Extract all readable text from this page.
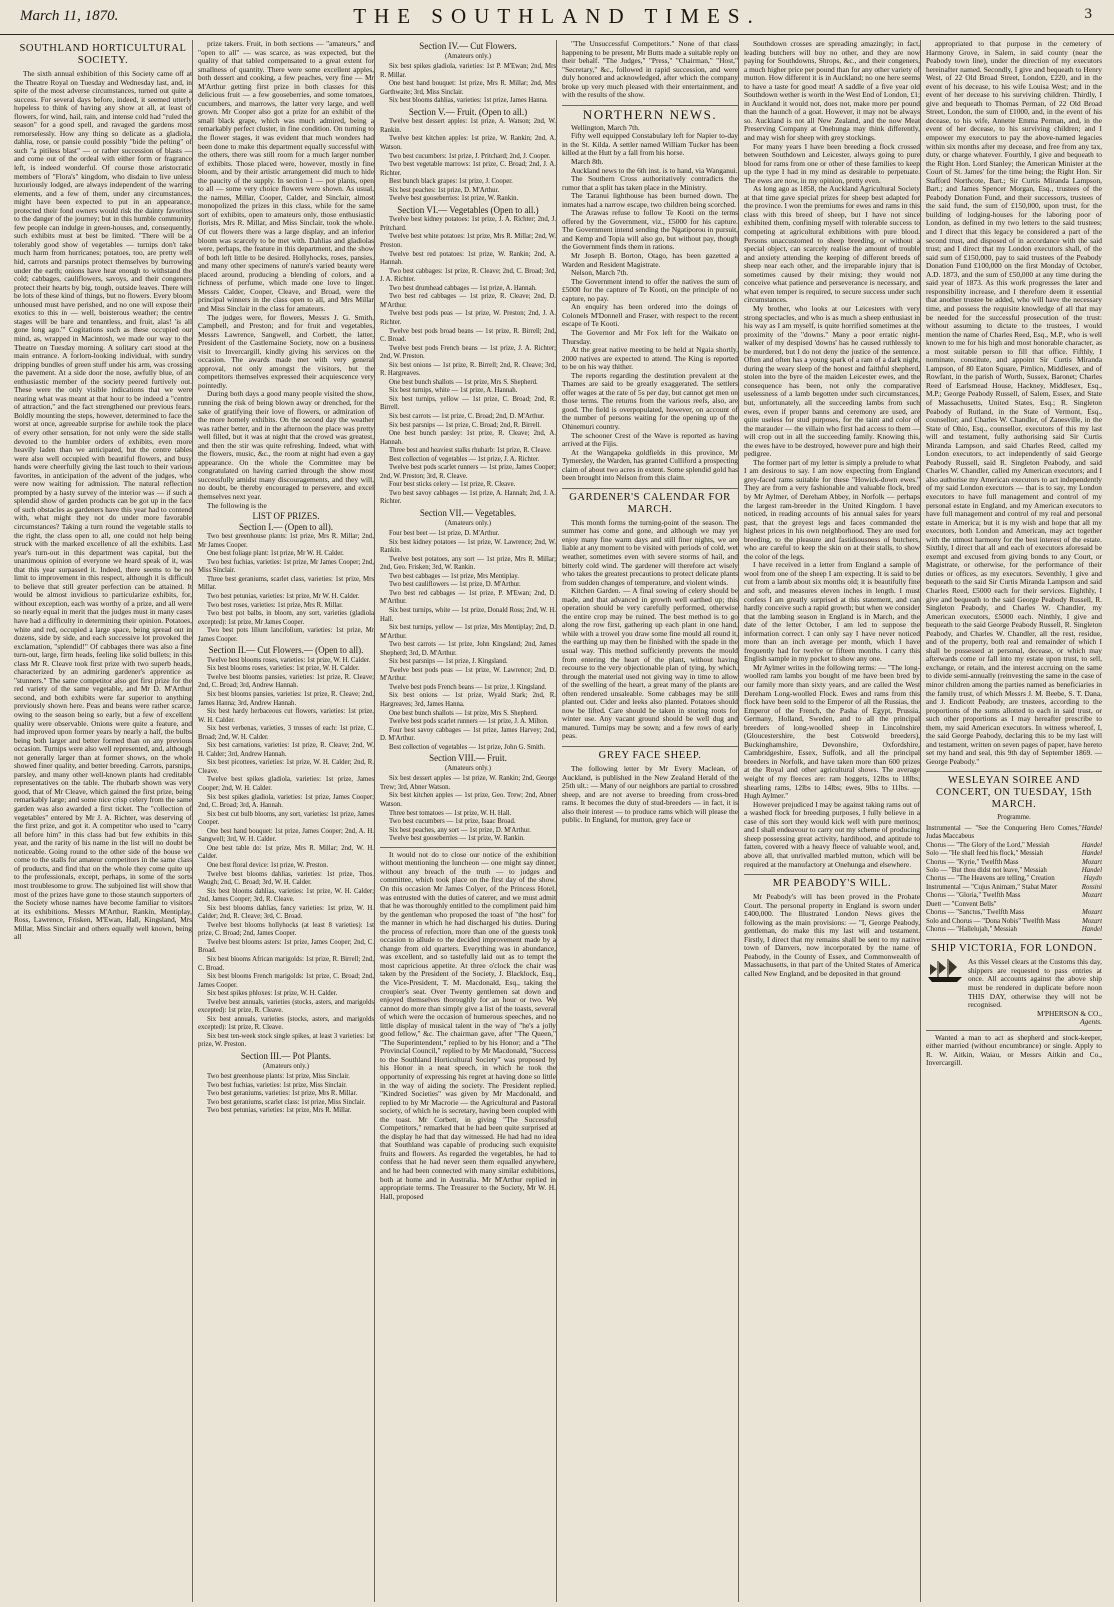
March 11, 1870.	THE SOUTHLAND TIMES.	3
SOUTHLAND HORTICULTURAL SOCIETY.

The sixth annual exhibition of this Society came off at the Theatre Royal on Tuesday and Wednesday last, and, in spite of the most adverse circumstances, turned out quite a success. For several days before, indeed, it seemed utterly hopeless to think of having any show at all, at least of flowers, for wind, hail, rain, and intense cold had "ruled the season" for a good spell, and ravaged the gardens most remorselessly. How any thing so delicate as a gladiola, dahlia, rose, or pansie could possibly "bide the pelting" of such "a pitiless blast" — or rather succession of blasts — and come out of the ordeal with either form or fragrance left, is indeed wonderful. Of course those aristocratic members of "Flora's" kingdom, who disdain to live unless luxuriously lodged, are always independent of the warring elements, and a few of them, under any circumstances, might have been expected to put in an appearance, protected their fond owners would risk the dainty favorites to the danger of the journey; but in this humble community few people can indulge in green-houses, and, consequently, such exhibits must at best be limited. "There will be a tolerably good show of vegetables — turnips don't take much harm from hurricanes; potatoes, too, are pretty well hid, carrots and parsnips protect themselves by burrowing under the earth; onions have heat enough to withstand the cold; cabbages, cauliflowers, savoys, and their congeners protect their hearts by big, tough, outside leaves. There will be lots of these kind of things, but no flowers. Every bloom unhoused must have perished, and no one will expose their exotics to this in — well, boisterous weather; the centre stages will be bare and tenantless, and fruit, alas! 'is all gone long ago.'" Cogitations such as these occupied our mind, as, wrapped in Macintosh, we made our way to the Theatre on Tuesday morning. A solitary cart stood at the main entrance. A forlorn-looking individual, with sundry dripping bundles of green stuff under his arm, was crossing the pavement. At a side door the nose, awfully blue, of an enthusiastic member of the society peered furtively out. These were the only visible indications that we were nearing what was meant at that hour to be indeed a "centre of attraction," and the fact strengthened our previous fears. Boldly mounting the steps, however, determined to face the worst at once, agreeable surprise for awhile took the place of every other sensation, for not only were the side stalls devoted to the humbler orders of exhibits, even more heavily laden than we anticipated, but the centre tables were also well occupied with beautiful flowers, and busy hands were cheerfully giving the last touch to their various favorites, in anticipation of the advent of the judges, who were now waiting for admission. The natural reflection prompted by a hasty survey of the interior was — if such a splendid show of garden products can be got up in the face of such obstacles as gardeners have this year had to contend with, what might they not do under more favorable circumstances? Taking a turn round the vegetable stalls to the right, the class open to all, one could not help being struck with the marked excellence of all the exhibits. Last year's turn-out in this department was capital, but the unanimous opinion of everyone we heard speak of it, was that this year surpassed it. Indeed, there seems to be no limit to improvement in this respect, although it is difficult to believe that still greater perfection can be attained. It would be almost invidious to particularize exhibits, for, without exception, each was worthy of a prize, and all were so nearly equal in merit that the judges must in many cases have had a difficulty in determining their opinion. Potatoes, white and red, occupied a large space, being spread out in dozens, side by side, and each successive lot provoked the exclamation, "splendid!" Of cabbages there was also a fine turn-out, large, firm heads, feeling like solid bullets; in this class Mr R. Cleave took first prize with two superb heads, characterized by an admiring gardener's apprentice as "stunners." The same competitor also got first prize for the red variety of the same vegetable, and Mr D. M'Arthur second, and both exhibits were far superior to anything previously shown here. Peas and beans were rather scarce, owing to the season being so early, but a few of excellent quality were observable. Onions were quite a feature, and had improved upon former years by nearly a half, the bulbs being both larger and better formed than on any previous occasion. Turnips were also well represented, and, although not generally larger than at former shows, on the whole showed finer quality, and better breeding. Carrots, parsnips, parsley, and many other well-known plants had creditable representatives on the table. The rhubarb shown was very good, that of Mr Cleave, which gained the first prize, being remarkably large; and some nice crisp celery from the same garden was also awarded a first ticket. The "collection of vegetables" entered by Mr J. A. Richter, was deserving of the first prize, and got it. A competitor who used to "carry all before him" in this class had but few exhibits in this year, and the rarity of his name in the list will no doubt be noticeable. Going round to the other side of the house we come to the stalls for amateur competitors in the same class of products, and find that on the whole they come quite up to the professionals, except, perhaps, in some of the sorts most troublesome to grow. The subjoined list will show that most of the prizes have gone to those staunch supporters of the Society whose names have become familiar to visitors at its exhibitions. Messrs M'Arthur, Rankin, Mentiplay, Ross, Lawrence, Frisken, M'Ewan, Hall, Kingsland, Mrs Millar, Miss Sinclair and others equally well known, being all

prize takers. Fruit, in both sections — "amateurs," and "open to all" — was scarce, as was expected, but the quality of that tabled compensated to a great extent for smallness of quantity. There were some excellent apples, both dessert and cooking, a few peaches, very fine — Mr M'Arthur getting first prize in both classes for this delicious fruit — a few gooseberries, and some tomatoes, cucumbers, and marrows, the latter very large, and well grown. Mr Cooper also got a prize for an exhibit of the small black grape, which was much admired, being a remarkably perfect cluster, in fine condition. On turning to the flower stages, it was evident that much wonders had been done to make this department equally successful with the others, there was still room for a much larger number of exhibits. Those placed were, however, mostly in fine bloom, and by their artistic arrangement did much to hide the paucity of the supply. In section 1 — pot plants, open to all — some very choice flowers were shown. As usual, the names, Millar, Cooper, Calder, and Sinclair, almost monopolized the prizes in this class, while for the same sort of exhibits, open to amateurs only, those enthusiastic florists, Mrs R. Millar, and Miss Sinclair, took the whole. Of cut flowers there was a large display, and an inferior bloom was scarcely to be met with. Dahlias and gladiolas were, perhaps, the feature in this department, and the show of both left little to be desired. Hollyhocks, roses, pansies, and many other specimens of nature's varied beauty were placed around, producing a blending of colors, and a richness of perfume, which made one love to linger. Messrs Calder, Cooper, Cleave, and Broad, were the principal winners in the class open to all, and Mrs Millar and Miss Sinclair in the class for amateurs.

The judges were, for flowers, Messrs J. G. Smith, Campbell, and Preston; and for fruit and vegetables, Messrs Lawrence, Sangwell, and Corbett, the latter, President of the Castlemaine Society, now on a business visit to Invercargill, kindly giving his services on the occasion. The awards made met with very general approval, not only amongst the visitors, but the competitors themselves expressed their acquiescence very pointedly.

During both days a good many people visited the show, running the risk of being blown away or drenched, for the sake of gratifying their love of flowers, or admiration of the more homely exhibits. On the second day the weather was rather better, and in the afternoon the place was pretty well filled, but it was at night that the crowd was greatest, and then the stir was quite refreshing. Indeed, what with the flowers, music, &c., the room at night had even a gay appearance. On the whole the Committee may be congratulated on having carried through the show most successfully amidst many discouragements, and they will, no doubt, be thereby encouraged to persevere, and excel themselves next year.

The following is the

LIST OF PRIZES.
Section I.— (Open to all).

Two best greenhouse plants: 1st prize, Mrs R. Millar; 2nd, Mr James Cooper.

One best foliage plant: 1st prize, Mr W. H. Calder.

Two best fuchias, varieties: 1st prize, Mr James Cooper; 2nd, Miss Sinclair.

Three best geraniums, scarlet class, varieties: 1st prize, Mrs Millar.

Two best petunias, varieties: 1st prize, Mr W. H. Calder.

Two best roses, varieties: 1st prize, Mrs R. Millar.

Two best pot balbs, in bloom, any sort, varieties (gladiola excepted): 1st prize, Mr James Cooper.

Two best pots lilium lancifolium, varieties: 1st prize, Mr James Cooper.

Section II.— Cut Flowers.— (Open to all).

Twelve best blooms roses, varieties: 1st prize, W. H. Calder.

Six best blooms roses, varieties: 1st prize, W. H. Calder.

Twelve best blooms pansies, varieties: 1st prize, R. Cleave; 2nd, C. Broad; 3rd, Andrew Hannah.

Six best blooms pansies, varieties: 1st prize, R. Cleave; 2nd, James Hanna; 3rd, Andrew Hannah.

Six best hardy herbaceous cut flowers, varieties: 1st prize, W. H. Calder.

Six best verbenas, varieties, 3 trusses of each: 1st prize, C. Broad; 2nd, W. H. Calder.

Six best carnations, varieties: 1st prize, R. Cleave; 2nd, W. H. Calder; 3rd, Andrew Hannah.

Six best picottees, varieties: 1st prize, W. H. Calder; 2nd, R. Cleave.

Twelve best spikes gladiola, varieties: 1st prize, James Cooper; 2nd, W. H. Calder.

Six best spikes gladiola, varieties: 1st prize, James Cooper; 2nd, C. Broad; 3rd, A. Hannah.

Six best cut bulb blooms, any sort, varieties: 1st prize, James Cooper.

One best hand bouquet: 1st prize, James Cooper; 2nd, A. H. Sangwell; 3rd, W. H. Calder.

One best table do: 1st prize, Mrs R. Millar; 2nd, W. H. Calder.

One best floral device: 1st prize, W. Preston.

Twelve best blooms dahlias, varieties: 1st prize, Thos. Waugh; 2nd, C. Broad; 3rd, W. H. Calder.

Six best blooms dahlias, varieties: 1st prize, W. H. Calder; 2nd, James Cooper; 3rd, R. Cleave.

Six best blooms dahlias, fancy varieties: 1st prize, W. H. Calder; 2nd, R. Cleave; 3rd, C. Broad.

Twelve best blooms hollyhocks (at least 8 varieties): 1st prize, C. Broad; 2nd, James Cooper.

Twelve best blooms asters: 1st prize, James Cooper; 2nd, C. Broad.

Six best blooms African marigolds: 1st prize, R. Birrell; 2nd, C. Broad.

Six best blooms French marigolds: 1st prize, C. Broad; 2nd, James Cooper.

Six best spikes phloxes: 1st prize, W. H. Calder.

Twelve best annuals, varieties (stocks, asters, and marigolds excepted): 1st prize, R. Cleave.

Six best annuals, varieties (stocks, asters, and marigolds excepted): 1st prize, R. Cleave.

Six best ten-week stock single spikes, at least 3 varieties: 1st prize, W. Preston.

Section III.— Pot Plants.
(Amateurs only.)

Two best greenhouse plants: 1st prize, Miss Sinclair.

Two best fuchias, varieties: 1st prize, Miss Sinclair.

Two best geraniums, varieties: 1st prize, Mrs R. Millar.

Two best geraniums, scarlet class: 1st prize, Miss Sinclair.

Two best petunias, varieties: 1st prize, Mrs R. Millar.

Section IV.— Cut Flowers.
(Amateurs only.)

Six best spikes gladiola, varieties: 1st P. M'Ewan; 2nd, Mrs R. Millar.

One best hand bouquet: 1st prize, Mrs R. Millar; 2nd, Mrs Garthwaite; 3rd, Miss Sinclair.

Six best blooms dahlias, varieties: 1st prize, James Hanna.

Section V.— Fruit. (Open to all.)

Twelve best dessert apples: 1st prize, A. Watson; 2nd, W. Rankin.

Twelve best kitchen apples: 1st prize, W. Rankin; 2nd, A. Watson.

Two best cucumbers: 1st prize, J. Pritchard; 2nd, J. Cooper.

Two best vegetable marrows: 1st prize, C. Broad; 2nd, J. A. Richter.

Best bunch black grapes: 1st prize, J. Cooper.

Six best peaches: 1st prize, D. M'Arthur.

Twelve best gooseberries: 1st prize, W. Rankin.

Section VI.— Vegetables (Open to all.)

Twelve best kidney potatoes: 1st prize, J. A. Richter; 2nd, J. Pritchard.

Twelve best white potatoes: 1st prize, Mrs R. Millar; 2nd, W. Preston.

Twelve best red potatoes: 1st prize, W. Rankin; 2nd, A. Hannah.

Two best cabbages: 1st prize, R. Cleave; 2nd, C. Broad; 3rd, J. A. Richter.

Two best drumhead cabbages — 1st prize, A. Hannah.

Two best red cabbages — 1st prize, R. Cleave; 2nd, D. M'Arthur.

Twelve best pods peas — 1st prize, W. Preston; 2nd, J. A. Richter.

Twelve best pods broad beans — 1st prize, R. Birrell; 2nd, C. Broad.

Twelve best pods French beans — 1st prize, J. A. Richter; 2nd, W. Preston.

Six best onions — 1st prize, R. Birrell; 2nd, R. Cleave; 3rd, R. Hargreaves.

One best bunch shallots — 1st prize, Mrs S. Shepherd.

Six best turnips, white — 1st prize, A. Hannah.

Six best turnips, yellow — 1st prize, C. Broad; 2nd, R. Birrell.

Six best carrots — 1st prize, C. Broad; 2nd, D. M'Arthur.

Six best parsnips — 1st prize, C. Broad; 2nd, R. Birrell.

One best bunch parsley: 1st prize, R. Cleave; 2nd, A. Hannah.

Three best and heaviest stalks rhubarb: 1st prize, R. Cleave.

Best collection of vegetables — 1st prize, J. A. Richter.

Twelve best pods scarlet runners — 1st prize, James Cooper; 2nd, W. Preston; 3rd, R. Cleave.

Four best sticks celery — 1st prize, R. Cleave.

Two best savoy cabbages — 1st prize, A. Hannah; 2nd, J. A. Richter.

Section VII.— Vegetables.
(Amateurs only.)

Four best beet — 1st prize, D. M'Arthur.

Six best kidney potatoes — 1st prize, W. Lawrence; 2nd, W. Rankin.

Twelve best potatoes, any sort — 1st prize, Mrs R. Millar; 2nd, Geo. Frisken; 3rd, W. Rankin.

Two best cabbages — 1st prize, Mrs Mentiplay.

Two best cauliflowers — 1st prize, D. M'Arthur.

Two best red cabbages — 1st prize, P. M'Ewan; 2nd, D. M'Arthur.

Six best turnips, white — 1st prize, Donald Ross; 2nd, W. H. Hall.

Six best turnips, yellow — 1st prize, Mrs Mentiplay; 2nd, D. M'Arthur.

Two best carrots — 1st prize, John Kingsland; 2nd, James Shepherd; 3rd, D. M'Arthur.

Six best parsnips — 1st prize, J. Kingsland.

Twelve best pods peas — 1st prize, W. Lawrence; 2nd, D. M'Arthur.

Twelve best pods French beans — 1st prize, J. Kingsland.

Six best onions — 1st prize, Wyald Stark; 2nd, R. Hargreaves; 3rd, James Hanna.

One best bunch shallots — 1st prize, Mrs S. Shepherd.

Twelve best pods scarlet runners — 1st prize, J. A. Milton.

Four best savoy cabbages — 1st prize, James Harvey; 2nd, D. M'Arthur.

Best collection of vegetables — 1st prize, John G. Smith.

Section VIII.— Fruit.
(Amateurs only.)

Six best dessert apples — 1st prize, W. Rankin; 2nd, George Trew; 3rd, Abner Watson.

Six best kitchen apples — 1st prize, Geo. Trew; 2nd, Abner Watson.

Three best tomatoes — 1st prize, W. H. Hall.

Two best cucumbers — 1st prize, Isaac Broad.

Six best peaches, any sort — 1st prize, D. M'Arthur.

Twelve best gooseberries — 1st prize, W. Rankin.

It would not do to close our notice of the exhibition without mentioning the luncheon — one might say dinner, without any breach of the truth — to judges and committee, which took place on the first day of the show. On this occasion Mr James Colyer, of the Princess Hotel, was entrusted with the duties of caterer, and we must admit that he was thoroughly entitled to the compliment paid him by the gentleman who proposed the toast of "the host" for the manner in which he had discharged his duties. During the process of refection, more than one of the guests took occasion to allude to the decided improvement made by a change from old quarters. Everything was in abundance, was excellent, and so tastefully laid out as to tempt the most capricious appetite. At three o'clock the chair was taken by the President of the Society, J. Blacklock, Esq., the Vice-President, T. M. Macdonald, Esq., taking the croupier's seat. Over Twenty gentlemen sat down and enjoyed themselves thoroughly for an hour or two. We cannot do more than simply give a list of the toasts, several of which were the occasion of humerous speeches, and no little display of musical talent in the way of "he's a jolly good fellow," &c. The chairman gave, after "The Queen," "The Superintendent," replied to by his Honor; and a "The Provincial Council," replied to by Mr Macdonald, "Success to the Southland Horticultural Society" was proposed by his Honor in a neat speech, in which he took the opportunity of expressing his regret at having done so little in the way of aiding the society. The President replied. "Kindred Societies" was given by Mr Macdonald, and replied to by Mr Macrorie — the Agricultural and Pastoral society, of which he is secretary, having been coupled with the toast. Mr Corbett, in giving "The Successful Competitors," remarked that he had been quite surprised at the display he had that day witnessed. He had had no idea that Southland was capable of producing such exquisite fruits and flowers. As regarded the vegetables, he had to confess that he had never seen them equalled anywhere, and he had been connected with many similar exhibitions, both at home and in Australia. Mr M'Arthur replied in appropriate terms. The Treasurer to the Society, Mr W. H. Hall, proposed

"The Unsuccessful Competitors." None of that class happening to be present, Mr Butts made a suitable reply on their behalf. "The Judges," "Press," "Chairman," "Host," "Secretary," &c., followed in rapid succession, and were duly honored and acknowledged, after which the company broke up very much pleased with their entertainment, and with the results of the show.

NORTHERN NEWS.

Wellington, March 7th.

Fifty well equipped Constabulary left for Napier to-day in the St. Kilda. A settler named William Tucker has been killed at the Hutt by a fall from his horse.

March 8th.

Auckland news to the 6th inst. is to hand, via Wanganui.

The Southern Cross authoritatively contradicts the rumor that a split has taken place in the Ministry.

The Taranui lighthouse has been burned down. The inmates had a narrow escape, two children being scorched.

The Arawas refuse to follow Te Kooti on the terms offered by the Government, viz., £5000 for his capture. The Government intend sending the Ngatiporou in pursuit, and Kemp and Topia will also go, but without pay, though the Government finds them in rations.

Mr Joseph B. Borton, Otago, has been gazetted a Warden and Resident Magistrate.

Nelson, March 7th.

The Government intend to offer the natives the sum of £5000 for the capture of Te Kooti, on the principle of no capture, no pay.

An enquiry has been ordered into the doings of Colonels M'Donnell and Fraser, with respect to the recent escape of Te Kooti.

The Governor and Mr Fox left for the Waikato on Thursday.

At the great native meeting to be held at Ngaia shortly, 2000 natives are expected to attend. The King is reported to be on his way thither.

The reports regarding the destitution prevalent at the Thames are said to be greatly exaggerated. The settlers offer wages at the rate of 5s per day, but cannot get men on those terms. The returns from the various reefs, also, are good. The field is overpopulated, however, on account of the number of persons waiting for the opening up of the Ohinemuri country.

The schooner Crest of the Wave is reported as having arrived at the Fijis.

At the Wangapeka goldfields in this province, Mr Tymersley, the Warden, has granted Culliford a prospecting claim of about two acres in extent. Some splendid gold has been brought into Nelson from this claim.

GARDENER'S CALENDAR FOR MARCH.

This month forms the turning-point of the season. The summer has come and gone, and although we may yet enjoy many fine warm days and still finer nights, we are liable at any moment to be visited with periods of cold, wet weather, sometimes even with severe storms of hail, and bitterly cold wind. The gardener will therefore act wisely who takes the greatest precautions to protect delicate plants from sudden changes of temperature, and violent winds.

Kitchen Garden. — A final sowing of celery should be made, and that advanced in growth well earthed up; this operation should be very carefully performed, otherwise the entire crop may be ruined. The best method is to go along the row first, gathering up each plant in one hand, while with a trowel you draw some fine mould all round it, the earthing up may then be finished with the spade in the usual way. This method sufficiently prevents the mould from entering the heart of the plant, without having recourse to the very objectionable plan of tying, by which, through the material used not giving way in time to allow of the swelling of the heart, a great many of the plants are often rendered unsaleable. Some cabbages may be still planted out. Cider and leeks also planted. Potatoes should now be lifted. Care should be taken in storing roots for winter use. Any vacant ground should be well dug and manured. Turnips may be sown; and a few rows of early peas.

GREY FACE SHEEP.

The following letter by Mr Every Maclean, of Auckland, is published in the New Zealand Herald of the 25th ult.: — Many of our neighbors are partial to crossbred sheep, and are not averse to breeding from cross-bred rams. It becomes the duty of stud-breeders — in fact, it is also their interest — to produce rams which will please the public. In England, for mutton, grey face or

Southdown crosses are spreading amazingly; in fact, leading butchers will buy no other, and they are now paying for Southdowns, Shrops, &c., and their congeners, a much higher price per pound than for any other variety of mutton. How different it is in Auckland; no one here seems to have a taste for good meat! A saddle of a five year old Southdown wether is worth in the West End of London, £1; in Auckland it would not, does not, make more per pound than the haunch of a goat. However, it may not be always so. Auckland is not all New Zealand, and the now Meat Preserving Company at Onehunga may think differently, and may wish for sheep with grey stockings.

For many years I have been breeding a flock crossed between Southdown and Leicester, always going to pure blood for rams from one or other of these families to keep up the type I had in my mind as desirable to perpetuate. The ewes are now, in my opinion, pretty even.

As long ago as 1858, the Auckland Agricultural Society at that time gave special prizes for sheep best adapted for the province. I won the premiums for ewes and rams in this class with this breed of sheep, but I have not since exhibited them, confining myself with tolerable success to competing at agricultural exhibitions with pure blood. Persons unaccustomed to sheep breeding, or without a special object, can scarcely realise the amount of trouble and anxiety attending the keeping of different breeds of sheep near each other, and the irreparable injury that is sometimes caused by their mixing; they would not conceive what patience and perseverance is necessary, and what even temper is required, to secure success under such circumstances.

My brother, who looks at our Leicesters with very strong spectacles, and who is as much a sheep enthusiast in his way as I am myself, is quite horrified sometimes at the proximity of the "downs." Many a poor erratic night-walker of my despised 'downs' has he caused ruthlessly to be murdered, but I do not deny the justice of the sentence. Often and often has a young spark of a ram of a dark night, during the weary sleep of the honest and faithful shepherd, stolen into the byre of the maiden Leicester ewes, and the consequence has been, not only the comparative uselessness of a lamb begotten under such circumstances, but, unfortunately, all the succeeding lambs from such ewes, even if proper banns and ceremony are used, are quite useless for stud purposes, for the taint and color of the marauder — the villain who first had access to them — will crop out in all the succeeding family. Knowing this, the ewes have to be destroyed, however pure and high their pedigree.

The former part of my letter is simply a prelude to what I am desirous to say. I am now expecting from England grey-faced rams suitable for these "Howick-down ewes." They are from a very fashionable and valuable flock, bred by Mr Aylmer, of Dereham Abbey, in Norfolk — perhaps the largest ram-breeder in the United Kingdom. I have noticed, in reading accounts of his annual sales for years past, that the greyest legs and faces commanded the highest prices in his own neighborhood. They are used for breeding, to the pleasure and fastidiousness of butchers, who are careful to keep the skin on at their stalls, to show the color of the legs.

I have received in a letter from England a sample of wool from one of the sheep I am expecting. It is said to be cut from a lamb about six months old; it is beautifully fine and soft, and measures eleven inches in length. I must confess I am greatly surprised at this statement, and can hardly conceive such a rapid growth; but when we consider that the lambing season in England is in March, and the date of the letter October, I am led to suppose the information correct. I can only say I have never noticed more than an inch average per month, which I have frequently had for twelve or fifteen months. I carry this English sample in my pocket to show any one.

Mr Aylmer writes in the following terms: — "The long-woolled ram lambs you bought of me have been bred by our family more than sixty years, and are called the West Dereham Long-woolled Flock. Ewes and rams from this flock have been sold to the Emperor of all the Russias, the Emperor of the French, the Pasha of Egypt, Prussia, Germany, Holland, Sweden, and to all the principal breeders of long-woolled sheep in Lincolnshire (Gloucestershire, the best Cotswold breeders), Buckinghamshire, Devonshire, Oxfordshire, Cambridgeshire, Essex, Suffolk, and all the principal breeders in Norfolk, and have taken more than 600 prizes at the Royal and other agricultural shows. The average weight of my fleeces are: ram hoggets, 12lbs to 18lbs; shearling rams, 12lbs to 14lbs; ewes, 9lbs to 11lbs. — Hugh Aylmer."

However prejudiced I may be against taking rams out of a washed flock for breeding purposes, I fully believe in a case of this sort they would kick well with pure merinos; and I shall endeavour to carry out my scheme of producing sheep possessing great activity, hardihood, and aptitude to fatten, covered with a heavy fleece of valuable wool, and, above all, that unrivalled marbled mutton, which will be required at the manufactory at Onehunga and elsewhere.

MR PEABODY'S WILL.

Mr Peabody's will has been proved in the Probate Court. The personal property in England is sworn under £400,000. The Illustrated London News gives the following as the main provisions: — "I, George Peabody, gentleman, do make this my last will and testament. Firstly, I direct that my remains shall be sent to my native town of Danvers, now incorporated by the name of Peabody, in the County of Essex, and Commonwealth of Massachusetts, in that part of the United States of America called New England, and be deposited in that ground

appropriated to that purpose in the cemetery of Harmony Grove, in Salem, in said county (near the Peabody town line), under the direction of my executors hereinafter named. Secondly, I give and bequeath to Henry West, of 22 Old Broad Street, London, £220, and in the event of his decease, to his wife Louisa West; and in the event of her decease to his surviving children. Thirdly, I give and bequeath to Thomas Perman, of 22 Old Broad Street, London, the sum of £1000, and, in the event of his decease, to his wife, Annette Emma Perman, and, in the event of her decease, to his surviving children; and I empower my executors to pay the above-named legacies within six months after my decease, and free from any tax, duty, or charge whatever. Fourthly, I give and bequeath to the Right Hon. Lord Stanley; the American Minister at the Court of St. James' for the time being; the Right Hon. Sir Stafford Northcote, Bart.; Sir Curtis Miranda Lampson, Bart.; and James Spencer Morgan, Esq., trustees of the Peabody Donation Fund, and their successors, trustees of the said fund, the sum of £150,000, upon trust, for the building of lodging-houses for the laboring poor of London, as defined in my two letters to the said trustees; and I direct that this legacy be considered a part of the second trust, and disposed of in accordance with the said trust; and I direct that my London executors shall, of the said sum of £150,000, pay to said trustees of the Peabody Donation Fund £100,000 on the first Monday of October, A.D. 1873, and the sum of £50,000 at any time during the said year of 1873. As this work progresses the later and responsibility increase, and I therefore deem it essential that another trustee be added, who will have the necessary time, and possess the requisite knowledge of all that may be needed for the successful prosecution of the trust: without assuming to dictate to the trustees, I would mention the name of Charles Reed, Esq., M.P., who is well known to me for his high and most honorable character, as a most suitable person to fill that office. Fifthly, I nominate, constitute, and appoint Sir Curtis Miranda Lampson, of 80 Eaton Square, Pimlico, Middlesex, and of Rowfant, in the parish of Worth, Sussex, Baronet; Charles Reed of Earlsmead House, Hackney, Middlesex, Esq., M.P.; George Peabody Russell, of Salem, Essex, and State of Massachusetts, United States, Esq.; R. Singleton Peabody of Rutland, in the State of Vermont, Esq., counsellor; and Charles W. Chandler, of Zanesville, in the State of Ohio, Esq., counsellor, executors of this my last will and testament, fully authorising said Sir Curtis Miranda Lampson, and said Charles Reed, called my London executors, to act independently of said George Peabody Russell, said R. Singleton Peabody, and said Charles W. Chandler, called my American executors; and I also authorise my American executors to act independently of my said London executors — that is to say, my London executors to have full management and control of my personal estate in England, and my American executors to have full management and control of my real and personal estate in America; but it is my wish and hope that all my executors, both London and American, may act together with the utmost harmony for the best interest of the estate. Sixthly, I direct that all and each of executors aforesaid be exempt and excused from giving bonds to any Court, or Magistrate, or otherwise, for the performance of their duties or offices, as my executors. Seventhly, I give and bequeath to the said Sir Curtis Miranda Lampson and said Charles Reed, £5000 each for their services. Eighthly, I give and bequeath to the said George Peabody Russell, R. Singleton Peabody, and Charles W. Chandler, my American executors, £5000 each. Ninthly, I give and bequeath to the said George Peabody Russell, R. Singleton Peabody, and Charles W. Chandler, all the rest, residue, and of the property, both real and remainder of which I shall be possessed at personal, decease, or which may afterwards come or fall into my estate upon trust, to sell, exchange, or retain, and the interest accruing on the same to divide semi-annually (reinvesting the same in the case of minor children among the parties named as beneficiaries in the family trust, of which Messrs J. M. Beebe, S. T. Dana, and J. Endicott Peabody, are trustees, according to the proportions of the sums allotted to each in said trust, or such other proportions as I may hereafter prescribe to them, my said American executors. In witness whereof, I, the said George Peabody, declaring this to be my last will and testament, written on seven pages of paper, have hereto set my hand and seal, this 9th day of September 1869. — George Peabody."

WESLEYAN SOIREE AND CONCERT, ON TUESDAY, 15th MARCH.
Programme.
Instrumental — "See the Conquering Hero Comes," Judas Maccabeus
Handel
Chorus — "The Glory of the Lord," Messiah	Handel
Solo — "He shall feed his flock," Messiah	Handel
Chorus — "Kyrie," Twelfth Mass	Mozart
Solo — "But thou didst not leave," Messiah	Handel
Chorus — "The Heavens are telling," Creation	Haydn
Instrumental — "Cujus Animam," Stabat Mater	Rossini
Chorus — "Gloria," Twelfth Mass	Mozart
Duett — "Convent Bells"
Chorus — "Sanctus," Twelfth Mass	Mozart
Solo and Chorus — "Dona Nobis" Twelfth Mass	Mozart
Chorus — "Hallelujah," Messiah	Handel
SHIP VICTORIA, FOR LONDON.

As this Vessel clears at the Customs this day, shippers are requested to pass entries at once. All accounts against the above ship must be rendered in duplicate before noon THIS DAY, otherwise they will not be recognised.

M'PHERSON & CO.,
Agents.

Wanted a man to act as shepherd and stock-keeper, either married (without encumbrance) or single. Apply to R. W. Aitkin, Waiau, or Messrs Aitkin and Co., Invercargill.
